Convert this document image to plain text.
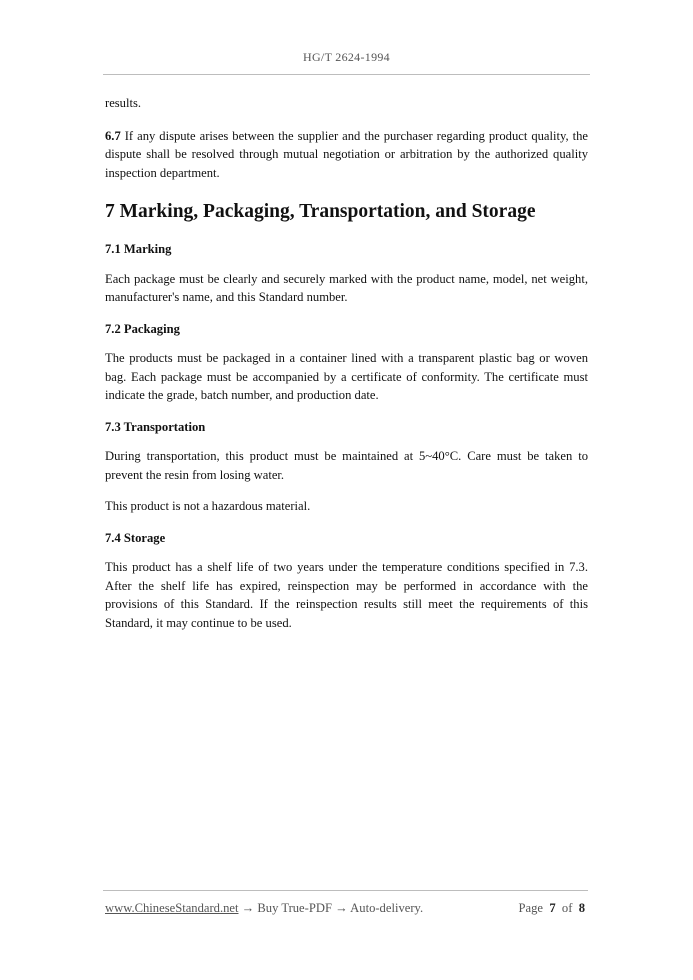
HG/T 2624-1994

results.

6.7 If any dispute arises between the supplier and the purchaser regarding product quality, the dispute shall be resolved through mutual negotiation or arbitration by the authorized quality inspection department.

7 Marking, Packaging, Transportation, and Storage
7.1 Marking

Each package must be clearly and securely marked with the product name, model, net weight, manufacturer's name, and this Standard number.

7.2 Packaging

The products must be packaged in a container lined with a transparent plastic bag or woven bag. Each package must be accompanied by a certificate of conformity. The certificate must indicate the grade, batch number, and production date.

7.3 Transportation

During transportation, this product must be maintained at 5~40°C. Care must be taken to prevent the resin from losing water.

This product is not a hazardous material.

7.4 Storage

This product has a shelf life of two years under the temperature conditions specified in 7.3. After the shelf life has expired, reinspection may be performed in accordance with the provisions of this Standard. If the reinspection results still meet the requirements of this Standard, it may continue to be used.

www.ChineseStandard.net → Buy True-PDF → Auto-delivery.	Page 7 of 8
